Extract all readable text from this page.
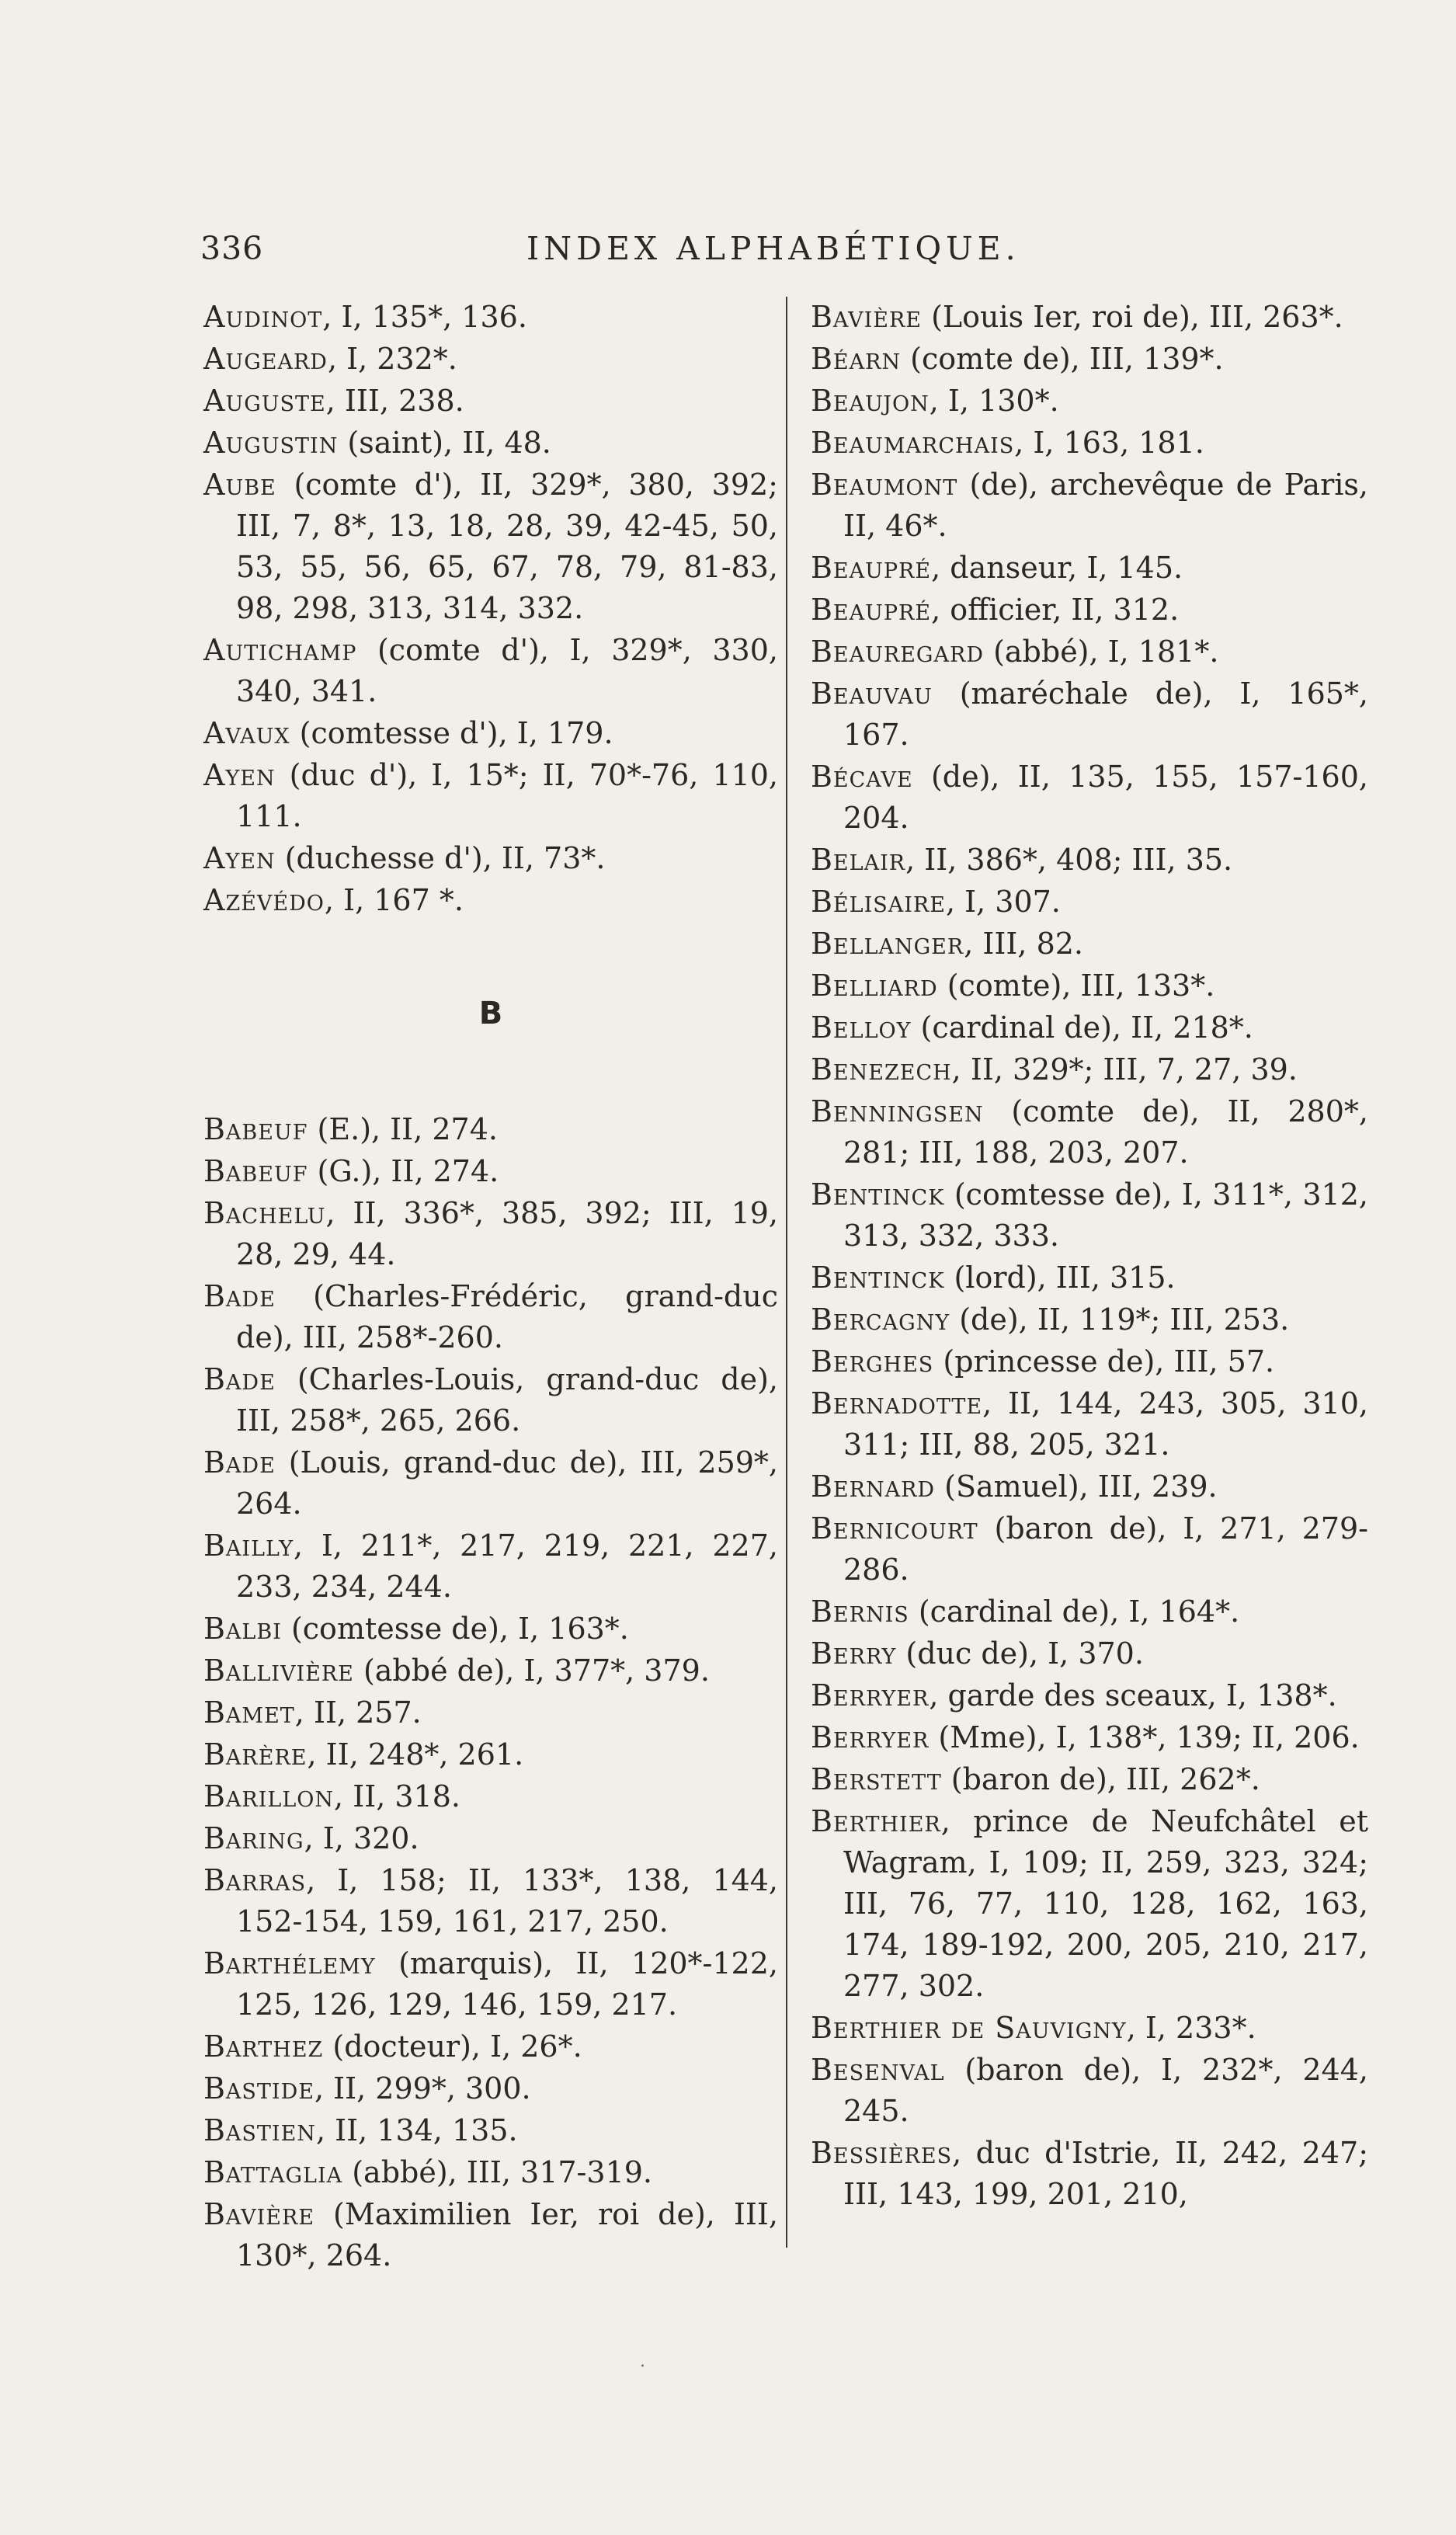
336	INDEX ALPHABÉTIQUE.
Audinot, I, 135*, 136.
Augeard, I, 232*.
Auguste, III, 238.
Augustin (saint), II, 48.
Aube (comte d'), II, 329*, 380, 392; III, 7, 8*, 13, 18, 28, 39, 42-45, 50, 53, 55, 56, 65, 67, 78, 79, 81-83, 98, 298, 313, 314, 332.
Autichamp (comte d'), I, 329*, 330, 340, 341.
Avaux (comtesse d'), I, 179.
Ayen (duc d'), I, 15*; II, 70*-76, 110, 111.
Ayen (duchesse d'), II, 73*.
Azévédo, I, 167 *.
B
Babeuf (E.), II, 274.
Babeuf (G.), II, 274.
Bachelu, II, 336*, 385, 392; III, 19, 28, 29, 44.
Bade (Charles-Frédéric, grand-duc de), III, 258*-260.
Bade (Charles-Louis, grand-duc de), III, 258*, 265, 266.
Bade (Louis, grand-duc de), III, 259*, 264.
Bailly, I, 211*, 217, 219, 221, 227, 233, 234, 244.
Balbi (comtesse de), I, 163*.
Ballivière (abbé de), I, 377*, 379.
Bamet, II, 257.
Barère, II, 248*, 261.
Barillon, II, 318.
Baring, I, 320.
Barras, I, 158; II, 133*, 138, 144, 152-154, 159, 161, 217, 250.
Barthélemy (marquis), II, 120*-122, 125, 126, 129, 146, 159, 217.
Barthez (docteur), I, 26*.
Bastide, II, 299*, 300.
Bastien, II, 134, 135.
Battaglia (abbé), III, 317-319.
Bavière (Maximilien Ier, roi de), III, 130*, 264.
Bavière (Louis Ier, roi de), III, 263*.
Béarn (comte de), III, 139*.
Beaujon, I, 130*.
Beaumarchais, I, 163, 181.
Beaumont (de), archevêque de Paris, II, 46*.
Beaupré, danseur, I, 145.
Beaupré, officier, II, 312.
Beauregard (abbé), I, 181*.
Beauvau (maréchale de), I, 165*, 167.
Bécave (de), II, 135, 155, 157-160, 204.
Belair, II, 386*, 408; III, 35.
Bélisaire, I, 307.
Bellanger, III, 82.
Belliard (comte), III, 133*.
Belloy (cardinal de), II, 218*.
Benezech, II, 329*; III, 7, 27, 39.
Benningsen (comte de), II, 280*, 281; III, 188, 203, 207.
Bentinck (comtesse de), I, 311*, 312, 313, 332, 333.
Bentinck (lord), III, 315.
Bercagny (de), II, 119*; III, 253.
Berghes (princesse de), III, 57.
Bernadotte, II, 144, 243, 305, 310, 311; III, 88, 205, 321.
Bernard (Samuel), III, 239.
Bernicourt (baron de), I, 271, 279-286.
Bernis (cardinal de), I, 164*.
Berry (duc de), I, 370.
Berryer, garde des sceaux, I, 138*.
Berryer (Mme), I, 138*, 139; II, 206.
Berstett (baron de), III, 262*.
Berthier, prince de Neufchâtel et Wagram, I, 109; II, 259, 323, 324; III, 76, 77, 110, 128, 162, 163, 174, 189-192, 200, 205, 210, 217, 277, 302.
Berthier de Sauvigny, I, 233*.
Besenval (baron de), I, 232*, 244, 245.
Bessières, duc d'Istrie, II, 242, 247; III, 143, 199, 201, 210,
.
